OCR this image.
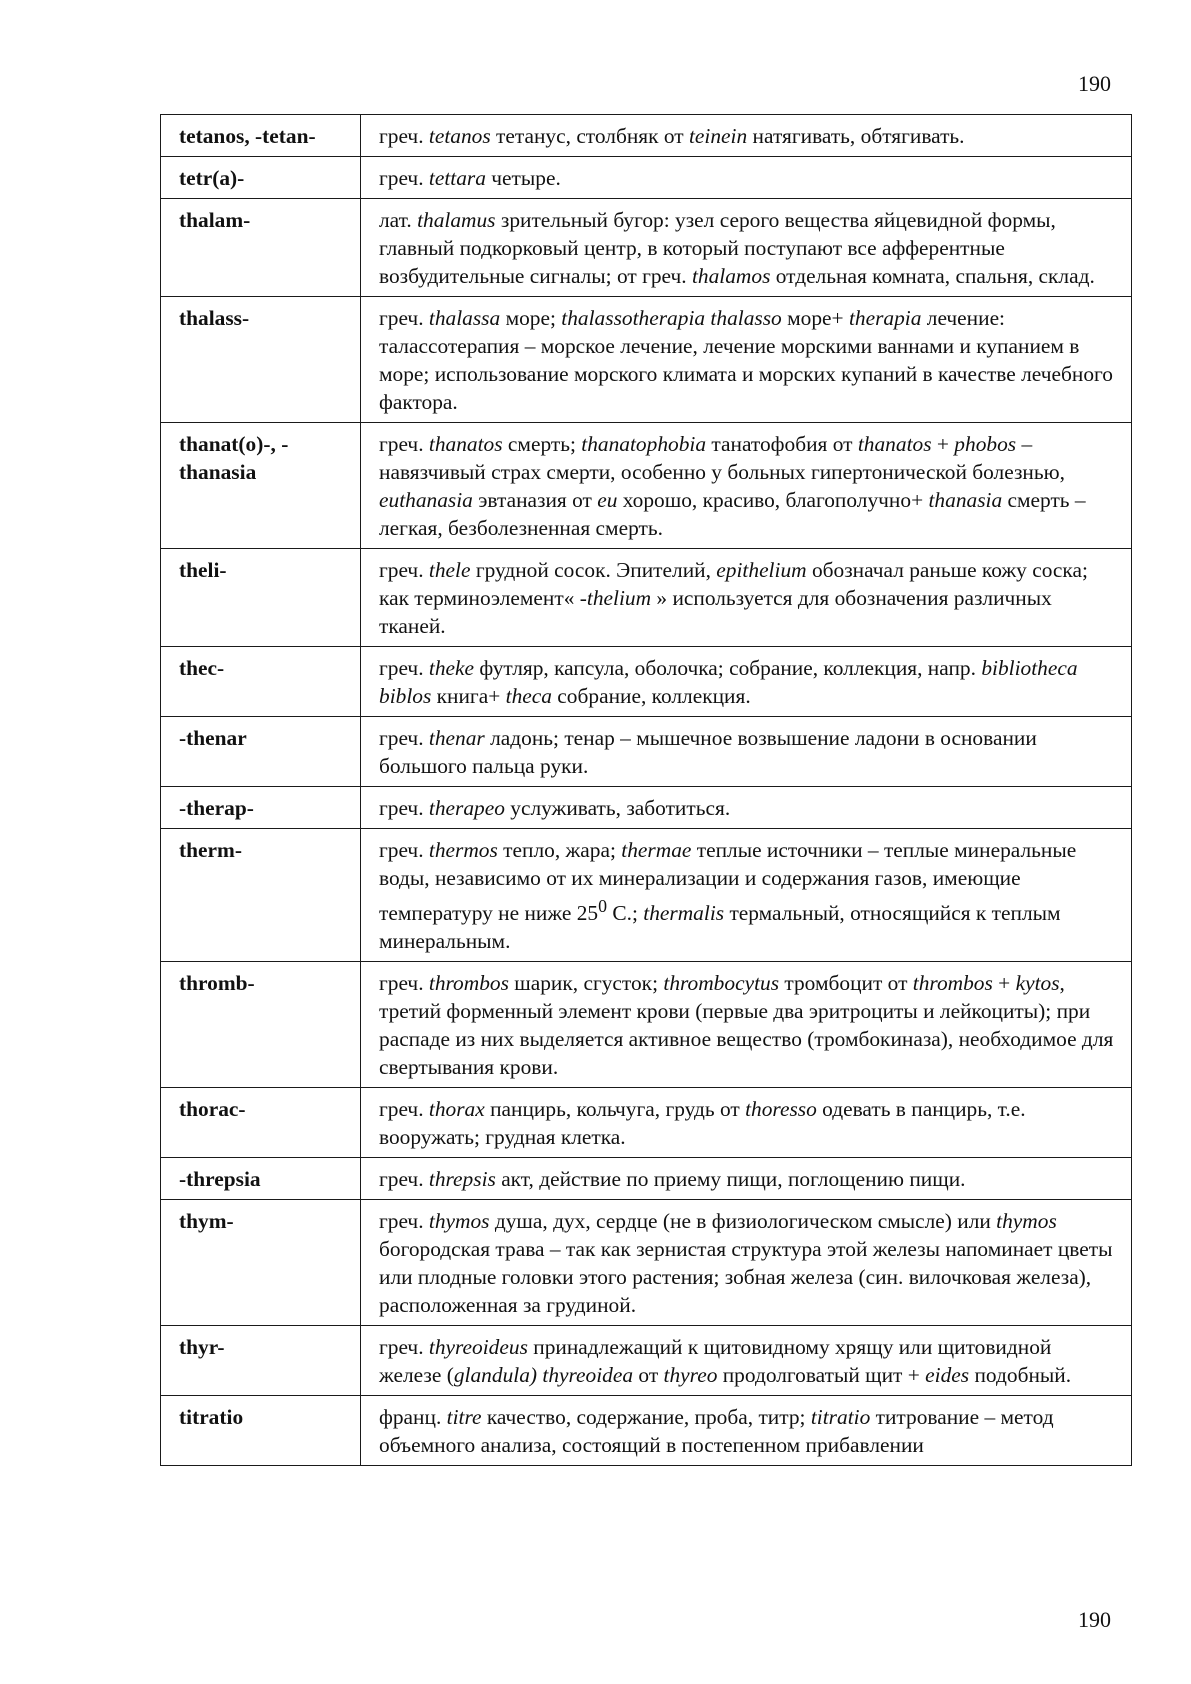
190
tetanos, -tetan-	греч. tetanos тетанус, столбняк от teinein натягивать, обтягивать.
tetr(a)-	греч. tettara четыре.
thalam-	лат. thalamus зрительный бугор: узел серого вещества яйцевидной формы, главный подкорковый центр, в который поступают все афферентные возбудительные сигналы; от греч. thalamos отдельная комната, спальня, склад.
thalass-	греч. thalassa море; thalassotherapia thalasso море+ therapia лечение: талассотерапия – морское лечение, лечение морскими ваннами и купанием в море; использование морского климата и морских купаний в качестве лечебного фактора.
thanat(o)-, -thanasia	греч. thanatos смерть; thanatophobia танатофобия от thanatos + phobos – навязчивый страх смерти, особенно у больных гипертонической болезнью, euthanasia эвтаназия от eu хорошо, красиво, благополучно+ thanasia смерть – легкая, безболезненная смерть.
theli-	греч. thele грудной сосок. Эпителий, epithelium обозначал раньше кожу соска; как терминоэлемент« -thelium » используется для обозначения различных тканей.
thec-	греч. theke футляр, капсула, оболочка; собрание, коллекция, напр. bibliotheca biblos книга+ theca собрание, коллекция.
-thenar	греч. thenar ладонь; тенар – мышечное возвышение ладони в основании большого пальца руки.
-therap-	греч. therapeo услуживать, заботиться.
therm-	греч. thermos тепло, жара; thermae теплые источники – теплые минеральные воды, независимо от их минерализации и содержания газов, имеющие температуру не ниже $25^0$ С.; thermalis термальный, относящийся к теплым минеральным.
thromb-	греч. thrombos шарик, сгусток; thrombocytus тромбоцит от thrombos + kytos, третий форменный элемент крови (первые два эритроциты и лейкоциты); при распаде из них выделяется активное вещество (тромбокиназа), необходимое для свертывания крови.
thorac-	греч. thorax панцирь, кольчуга, грудь от thoresso одевать в панцирь, т.е. вооружать; грудная клетка.
-threpsia	греч. threpsis акт, действие по приему пищи, поглощению пищи.
thym-	греч. thymos душа, дух, сердце (не в физиологическом смысле) или thymos богородская трава – так как зернистая структура этой железы напоминает цветы или плодные головки этого растения; зобная железа (син. вилочковая железа), расположенная за грудиной.
thyr-	греч. thyreoideus принадлежащий к щитовидному хрящу или щитовидной железе (glandula) thyreoidea от thyreo продолговатый щит + eides подобный.
titratio	франц. titre качество, содержание, проба, титр; titratio титрование – метод объемного анализа, состоящий в постепенном прибавлении
190
